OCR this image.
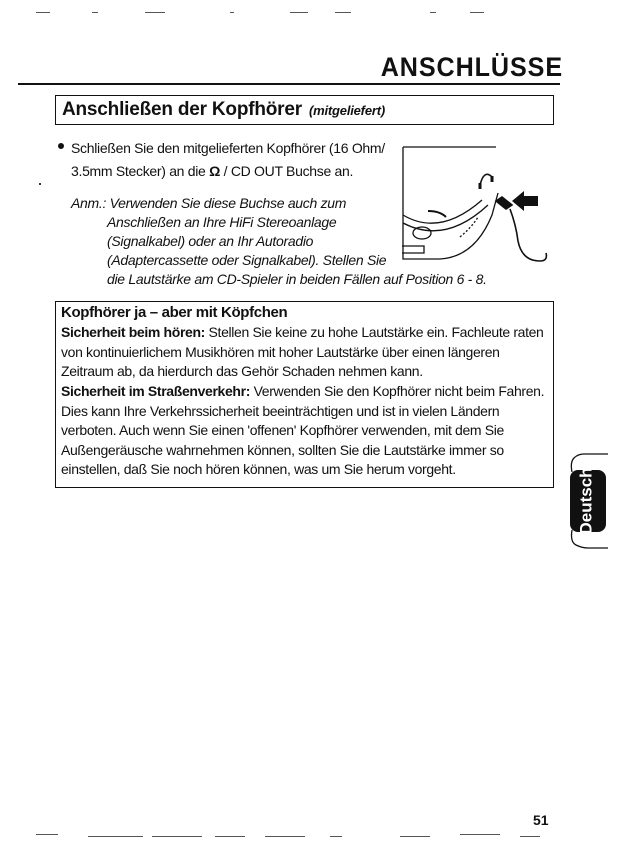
ANSCHLÜSSE
Anschließen der Kopfhörer (mitgeliefert)
Schließen Sie den mitgelieferten Kopfhörer (16 Ohm/
3.5mm Stecker) an die Ω / CD OUT Buchse an.
Anm.: Verwenden Sie diese Buchse auch zum
Anschließen an Ihre HiFi Stereoanlage
(Signalkabel) oder an Ihr Autoradio
(Adaptercassette oder Signalkabel). Stellen Sie
die Lautstärke am CD-Spieler in beiden Fällen auf Position 6 - 8.
Kopfhörer ja – aber mit Köpfchen
Sicherheit beim hören: Stellen Sie keine zu hohe Lautstärke ein. Fachleute raten
von kontinuierlichem Musikhören mit hoher Lautstärke über einen längeren
Zeitraum ab, da hierdurch das Gehör Schaden nehmen kann.
Sicherheit im Straßenverkehr: Verwenden Sie den Kopfhörer nicht beim Fahren.
Dies kann Ihre Verkehrssicherheit beeinträchtigen und ist in vielen Ländern
verboten. Auch wenn Sie einen 'offenen' Kopfhörer verwenden, mit dem Sie
Außengeräusche wahrnehmen können, sollten Sie die Lautstärke immer so
einstellen, daß Sie noch hören können, was um Sie herum vorgeht.	Deutsch
51
